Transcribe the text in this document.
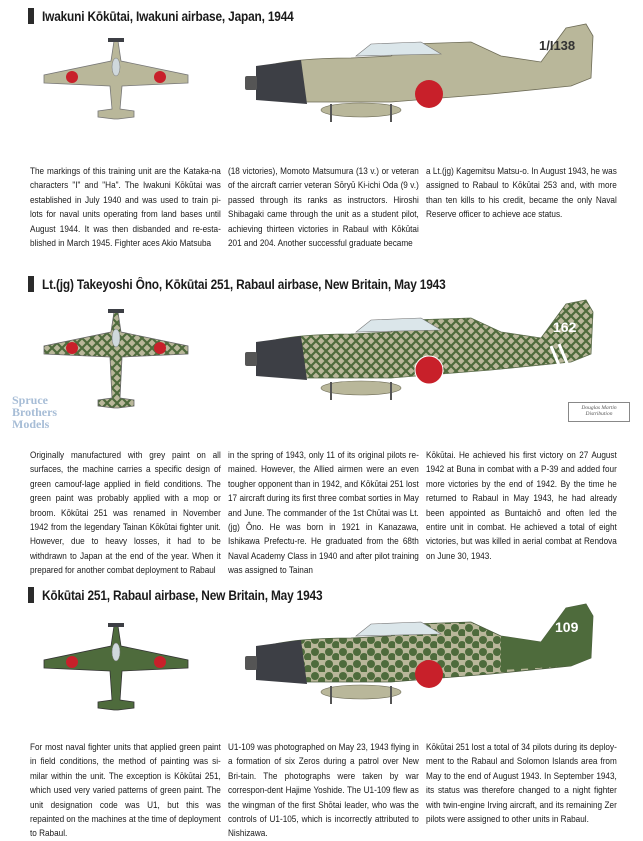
Iwakuni Kōkūtai, Iwakuni airbase, Japan, 1944
1/I138
The markings of this training unit are the Kataka-na characters "I" and "Ha". The Iwakuni Kōkūtai was established in July 1940 and was used to train pi-lots for naval units operating from land bases until August 1944. It was then disbanded and re-esta-blished in March 1945. Fighter aces Akio Matsuba
(18 victories), Momoto Matsumura (13 v.) or veteran of the aircraft carrier veteran Sōryū Ki-ichi Oda (9 v.) passed through its ranks as instructors. Hiroshi Shibagaki came through the unit as a student pilot, achieving thirteen victories in Rabaul with Kōkūtai 201 and 204. Another successful graduate became
a Lt.(jg) Kagemitsu Matsu-o. In August 1943, he was assigned to Rabaul to Kōkūtai 253 and, with more than ten kills to his credit, became the only Naval Reserve officer to achieve ace status.
Lt.(jg) Takeyoshi Ôno, Kōkūtai 251, Rabaul airbase, New Britain, May 1943
162
Originally manufactured with grey paint on all surfaces, the machine carries a specific design of green camouf-lage applied in field conditions. The green paint was probably applied with a mop or broom. Kōkūtai 251 was renamed in November 1942 from the legendary Tainan Kōkūtai fighter unit. However, due to heavy losses, it had to be withdrawn to Japan at the end of the year. When it prepared for another combat deployment to Rabaul
in the spring of 1943, only 11 of its original pilots re-mained. However, the Allied airmen were an even tougher opponent than in 1942, and Kōkūtai 251 lost 17 aircraft during its first three combat sorties in May and June. The commander of the 1st Chūtai was Lt.(jg) Ôno. He was born in 1921 in Kanazawa, Ishikawa Prefectu-re. He graduated from the 68th Naval Academy Class in 1940 and after pilot training was assigned to Tainan
Kōkūtai. He achieved his first victory on 27 August 1942 at Buna in combat with a P-39 and added four more victories by the end of 1942. By the time he returned to Rabaul in May 1943, he had already been appointed as Buntaichō and often led the entire unit in combat. He achieved a total of eight victories, but was killed in aerial combat at Rendova on June 30, 1943.
Spruce
Brothers
Models
Douglas Martin Distribution
Kōkūtai 251, Rabaul airbase, New Britain, May 1943
109
For most naval fighter units that applied green paint in field conditions, the method of painting was si-milar within the unit. The exception is Kōkūtai 251, which used very varied patterns of green paint. The unit designation code was U1, but this was repainted on the machines at the time of deployment to Rabaul.
U1-109 was photographed on May 23, 1943 flying in a formation of six Zeros during a patrol over New Bri-tain. The photographs were taken by war correspon-dent Hajime Yoshide. The U1-109 flew as the wingman of the first Shōtai leader, who was the controls of U1-105, which is incorrectly attributed to Nishizawa.
Kōkūtai 251 lost a total of 34 pilots during its deploy-ment to the Rabaul and Solomon Islands area from May to the end of August 1943. In September 1943, its status was therefore changed to a night fighter with twin-engine Irving aircraft, and its remaining Zer pilots were assigned to other units in Rabaul.
